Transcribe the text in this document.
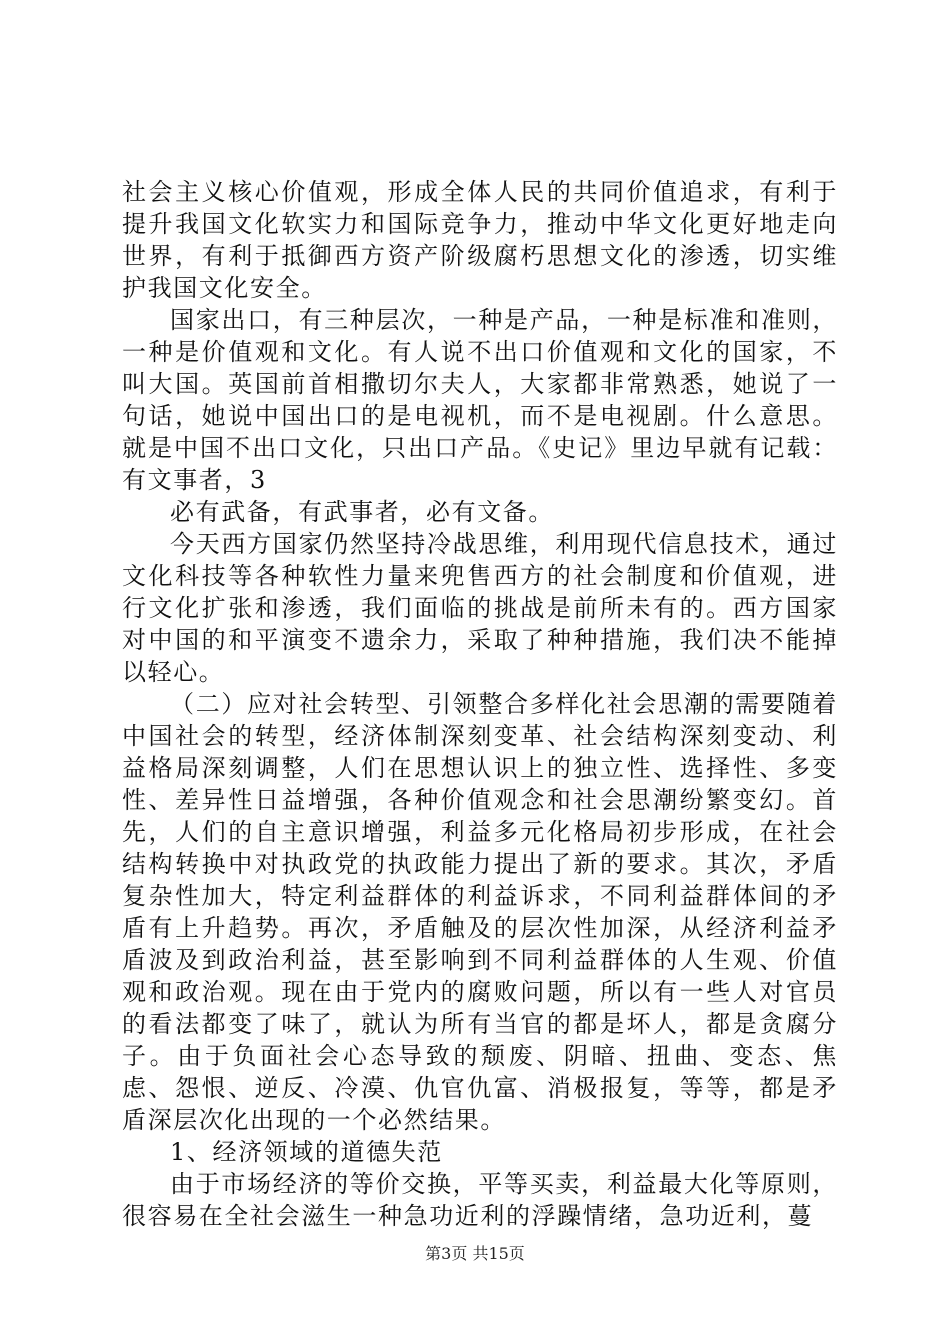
社会主义核心价值观，形成全体人民的共同价值追求，有利于提升我国文化软实力和国际竞争力，推动中华文化更好地走向世界，有利于抵御西方资产阶级腐朽思想文化的渗透，切实维护我国文化安全。

国家出口，有三种层次，一种是产品，一种是标准和准则，一种是价值观和文化。有人说不出口价值观和文化的国家，不叫大国。英国前首相撒切尔夫人，大家都非常熟悉，她说了一句话，她说中国出口的是电视机，而不是电视剧。什么意思。就是中国不出口文化，只出口产品。《史记》里边早就有记载：有文事者，3

必有武备，有武事者，必有文备。

今天西方国家仍然坚持冷战思维，利用现代信息技术，通过文化科技等各种软性力量来兜售西方的社会制度和价值观，进行文化扩张和渗透，我们面临的挑战是前所未有的。西方国家对中国的和平演变不遗余力，采取了种种措施，我们决不能掉以轻心。

（二）应对社会转型、引领整合多样化社会思潮的需要随着中国社会的转型，经济体制深刻变革、社会结构深刻变动、利益格局深刻调整，人们在思想认识上的独立性、选择性、多变性、差异性日益增强，各种价值观念和社会思潮纷繁变幻。首先，人们的自主意识增强，利益多元化格局初步形成，在社会结构转换中对执政党的执政能力提出了新的要求。其次，矛盾复杂性加大，特定利益群体的利益诉求，不同利益群体间的矛盾有上升趋势。再次，矛盾触及的层次性加深，从经济利益矛盾波及到政治利益，甚至影响到不同利益群体的人生观、价值观和政治观。现在由于党内的腐败问题，所以有一些人对官员的看法都变了味了，就认为所有当官的都是坏人，都是贪腐分子。由于负面社会心态导致的颓废、阴暗、扭曲、变态、焦虑、怨恨、逆反、冷漠、仇官仇富、消极报复，等等，都是矛盾深层次化出现的一个必然结果。

1、经济领域的道德失范

由于市场经济的等价交换，平等买卖，利益最大化等原则，很容易在全社会滋生一种急功近利的浮躁情绪，急功近利，蔓

第3页 共15页
